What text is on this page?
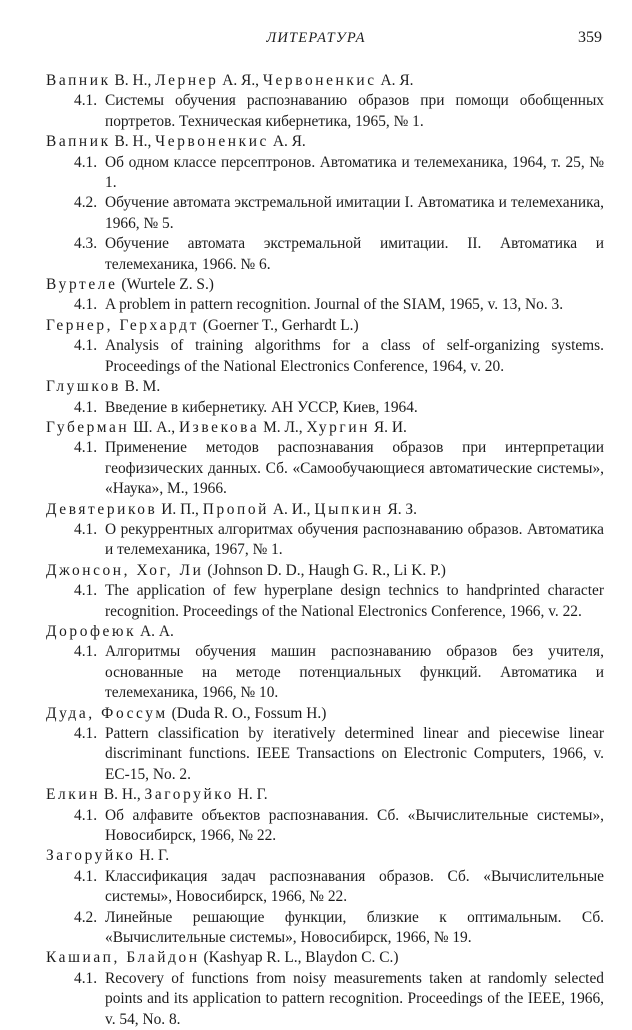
ЛИТЕРАТУРА	359

Вапник В. Н., Лернер А. Я., Червоненкис А. Я.

4.1. Системы обучения распознаванию образов при помощи обобщенных портретов. Техническая кибернетика, 1965, № 1.

Вапник В. Н., Червоненкис А. Я.

4.1. Об одном классе персептронов. Автоматика и телемеханика, 1964, т. 25, № 1.
4.2. Обучение автомата экстремальной имитации I. Автоматика и телемеханика, 1966, № 5.
4.3. Обучение автомата экстремальной имитации. II. Автоматика и телемеханика, 1966. № 6.

Вуртеле (Wurtele Z. S.)

4.1. A problem in pattern recognition. Journal of the SIAM, 1965, v. 13, No. 3.

Гернер, Герхардт (Goerner T., Gerhardt L.)

4.1. Analysis of training algorithms for a class of self-organizing systems. Proceedings of the National Electronics Conference, 1964, v. 20.

Глушков В. М.

4.1. Введение в кибернетику. АН УССР, Киев, 1964.

Губерман Ш. А., Извекова М. Л., Хургин Я. И.

4.1. Применение методов распознавания образов при интерпретации геофизических данных. Сб. «Самообучающиеся автоматические системы», «Наука», М., 1966.

Девятериков И. П., Пропой А. И., Цыпкин Я. З.

4.1. О рекуррентных алгоритмах обучения распознаванию образов. Автоматика и телемеханика, 1967, № 1.

Джонсон, Хог, Ли (Johnson D. D., Haugh G. R., Li K. P.)

4.1. The application of few hyperplane design technics to handprinted character recognition. Proceedings of the National Electronics Conference, 1966, v. 22.

Дорофеюк А. А.

4.1. Алгоритмы обучения машин распознаванию образов без учителя, основанные на методе потенциальных функций. Автоматика и телемеханика, 1966, № 10.

Дуда, Фоссум (Duda R. O., Fossum H.)

4.1. Pattern classification by iteratively determined linear and piecewise linear discriminant functions. IEEE Transactions on Electronic Computers, 1966, v. EC-15, No. 2.

Елкин В. Н., Загоруйко Н. Г.

4.1. Об алфавите объектов распознавания. Сб. «Вычислительные системы», Новосибирск, 1966, № 22.

Загоруйко Н. Г.

4.1. Классификация задач распознавания образов. Сб. «Вычислительные системы», Новосибирск, 1966, № 22.
4.2. Линейные решающие функции, близкие к оптимальным. Сб. «Вычислительные системы», Новосибирск, 1966, № 19.

Кашиап, Блайдон (Kashyap R. L., Blaydon C. C.)

4.1. Recovery of functions from noisy measurements taken at randomly selected points and its application to pattern recognition. Proceedings of the IEEE, 1966, v. 54, No. 8.
